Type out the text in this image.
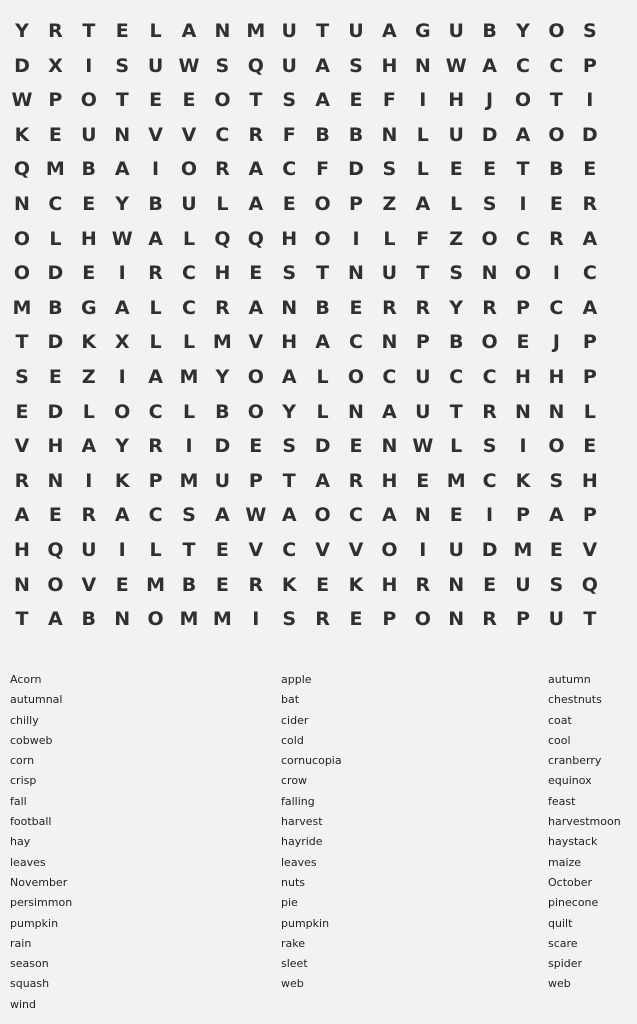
Y	R	T	E	L	A N M U	T	U A G U B	Y O S
D X	I	S U W S Q U A	S H N W A	C	C	P
W P O T	E	E O T	S	A	E	F	I	H	J	O T	I
K	E	U N V V	C	R	F	B B N	L	U D A O D
Q M B A	I	O R A	C	F	D S	L	E	E	T	B	E
N C	E	Y	B U	L	A	E O P	Z	A	L	S	I	E	R
O	L	H W A	L	Q Q H O	I	L	F	Z O C	R A
O D	E	I	R	C H E	S	T N U	T	S N O	I	C
M B G A	L	C	R A N B	E	R R	Y	R	P	C	A
T	D K X	L	L M V H A	C N P	B O E	J	P
S	E	Z	I	A M Y O A	L	O C U C	C H H P
E	D	L	O C	L	B O Y	L	N A U	T	R N N	L
V H A	Y	R	I	D	E	S D	E N W L	S	I	O E
R N	I	K	P M U P	T	A R H E M C	K	S H
A	E	R A	C	S	A W A O C	A N E	I	P	A	P
H Q U	I	L	T	E	V	C	V V O	I	U D M E	V
N O V	E M B	E	R K	E	K H R N E	U S Q
T	A B N O M M	I	S	R	E	P O N R	P U	T
Acorn
autumnal
chilly
cobweb
corn
crisp
fall
football
hay
leaves
November
persimmon
pumpkin
rain
season
squash
wind
apple
bat
cider
cold
cornucopia
crow
falling
harvest
hayride
leaves
nuts
pie
pumpkin
rake
sleet
web
autumn
chestnuts
coat
cool
cranberry
equinox
feast
harvestmoon
haystack
maize
October
pinecone
quilt
scare
spider
web
